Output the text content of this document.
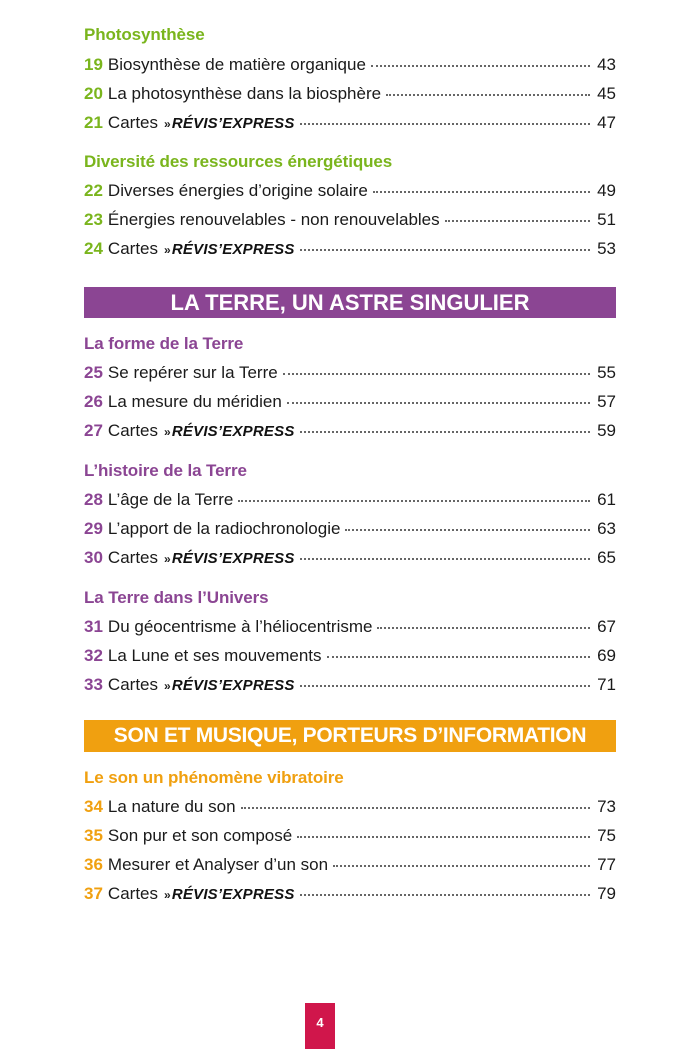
Photosynthèse
19 Biosynthèse de matière organique	43
20 La photosynthèse dans la biosphère	45
21 Cartes »RÉVIS’EXPRESS	47
Diversité des ressources énergétiques
22 Diverses énergies d’origine solaire	49
23 Énergies renouvelables - non renouvelables	51
24 Cartes »RÉVIS’EXPRESS	53
LA TERRE, UN ASTRE SINGULIER
La forme de la Terre
25 Se repérer sur la Terre	55
26 La mesure du méridien	57
27 Cartes »RÉVIS’EXPRESS	59
L’histoire de la Terre
28 L’âge de la Terre	61
29 L’apport de la radiochronologie	63
30 Cartes »RÉVIS’EXPRESS	65
La Terre dans l’Univers
31 Du géocentrisme à l’héliocentrisme	67
32 La Lune et ses mouvements	69
33 Cartes »RÉVIS’EXPRESS	71
SON ET MUSIQUE, PORTEURS D’INFORMATION
Le son un phénomène vibratoire
34 La nature du son	73
35 Son pur et son composé	75
36 Mesurer et Analyser d’un son	77
37 Cartes »RÉVIS’EXPRESS	79
4
